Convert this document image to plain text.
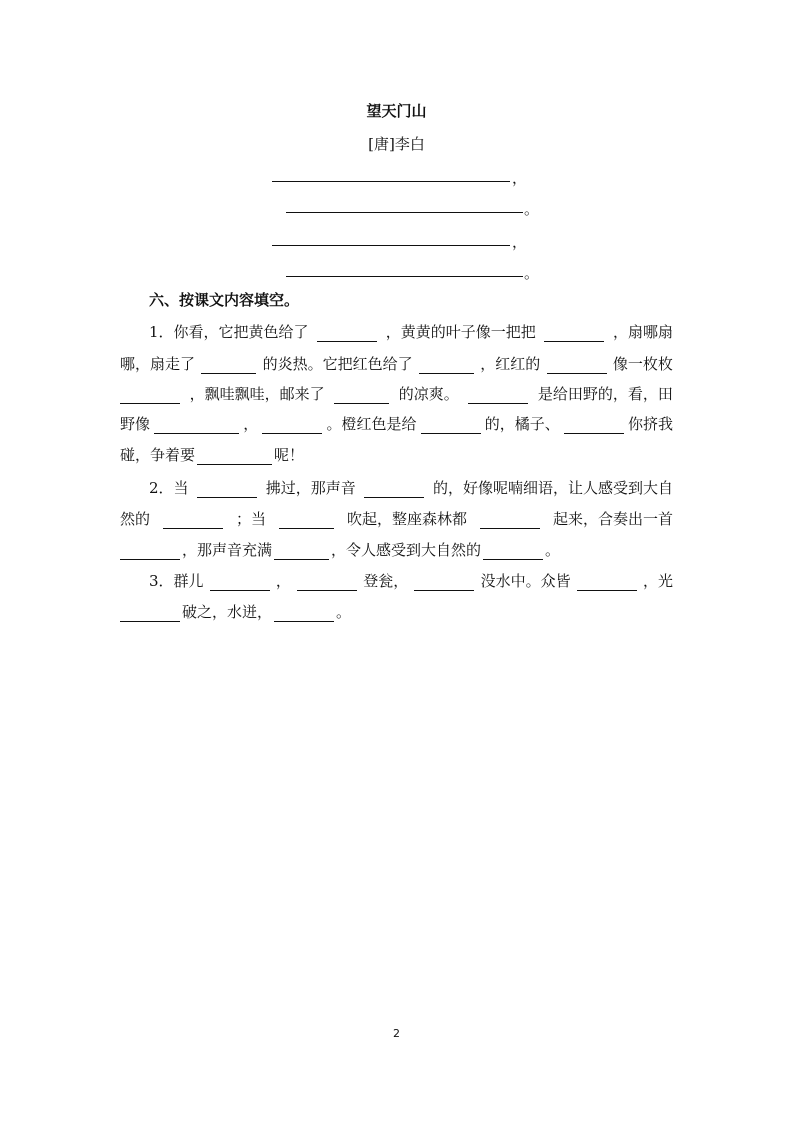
望天门山
[唐]李白
，
。
，
。
六、按课文内容填空。
1．你看，它把黄色给了	，黄黄的叶子像一把把	，扇哪扇
哪，扇走了	的炎热。它把红色给了	，红红的	像一枚枚
，飘哇飘哇，邮来了	的凉爽。	是给田野的，看，田
野像	，	。橙红色是给	的，橘子、	你挤我
碰，争着要	呢！
2．当	拂过，那声音	的，好像呢喃细语，让人感受到大自
然的	；当	吹起，整座森林都	起来，合奏出一首
，那声音充满	，令人感受到大自然的	。
3．群儿	，	登瓮，	没水中。众皆	，光
破之，水迸，	。
2
